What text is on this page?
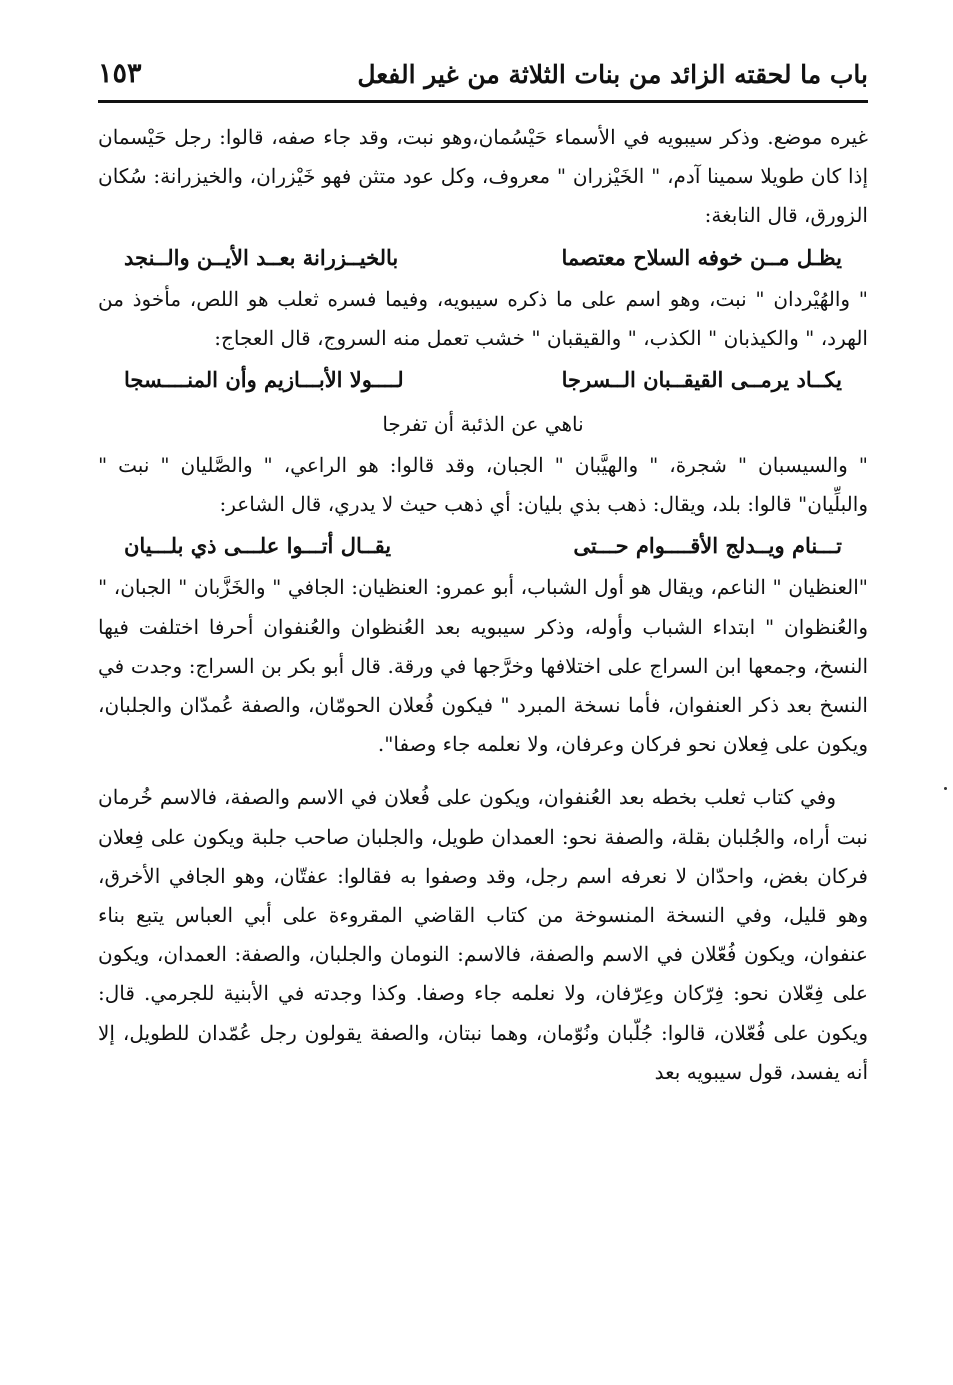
باب ما لحقته الزائد من بنات الثلاثة من غير الفعل
١٥٣

غيره موضع. وذكر سيبويه في الأسماء حَيْسُمان،وهو نبت، وقد جاء صفه، قالوا: رجل حَيْسمان إذا كان طويلا سمينا آدم، " الخَيْزران " معروف، وكل عود متثن فهو خَيْزران، والخيزرانة: سُكان الزورق، قال النابغة:

يظـل مــن خوفه السلاح معتصما
بالخيــزرانة بعــد الأيــن والــنجد

" والهُيْردان " نبت، وهو اسم على ما ذكره سيبويه، وفيما فسره ثعلب هو اللص، مأخوذ من الهرد، " والكيذبان " الكذب، " والقيقبان " خشب تعمل منه السروج، قال العجاج:

يكــاد يرمــى القيقــبان الــسرجا
لــــولا الأبـــازيم وأن المنــــسجا
ناهي عن الذئبة أن تفرجا

" والسيسبان " شجرة، " والهيَّبان " الجبان، وقد قالوا: هو الراعي، " والصَّليان " نبت " والبلِّيان" قالوا: بلد، ويقال: ذهب بذي بليان: أي ذهب حيث لا يدري، قال الشاعر:

تـــنام ويــدلج الأقــــوام حـــتى
يقــال أتـــوا علـــى ذي بلـــيان

"العنظيان " الناعم، ويقال هو أول الشباب، أبو عمرو: العنظيان: الجافي " والخَزَّبان " الجبان، " والعُنظوان " ابتداء الشباب وأوله، وذكر سيبويه بعد العُنظوان والعُنفوان أحرفا اختلفت فيها النسخ، وجمعها ابن السراج على اختلافها وخرَّجها في ورقة. قال أبو بكر بن السراج: وجدت في النسخ بعد ذكر العنفوان، فأما نسخة المبرد " فيكون فُعلان الحومّان، والصفة عُمدّان والجلبان، ويكون على فِعلان نحو فركان وعرفان، ولا نعلمه جاء وصفا".

وفي كتاب ثعلب بخطه بعد العُنفوان، ويكون على فُعلان في الاسم والصفة، فالاسم خُرمان نبت أراه، والجُلبان بقلة، والصفة نحو: العمدان طويل، والجلبان صاحب جلبة ويكون على فِعلان فركان بغض، واحدّان لا نعرفه اسم رجل، وقد وصفوا به فقالوا: عفتّان، وهو الجافي الأخرق، وهو قليل، وفي النسخة المنسوخة من كتاب القاضي المقروءة على أبي العباس يتبع بناء عنفوان، ويكون فُعّلان في الاسم والصفة، فالاسم: النومان والجلبان، والصفة: العمدان، ويكون على فِعّلان نحو: فِرّكان وعِرّفان، ولا نعلمه جاء وصفا. وكذا وجدته في الأبنية للجرمي. قال: ويكون على فُعّلان، قالوا: جُلّبان ونُوّمان، وهما نبتان، والصفة يقولون رجل عُمّدان للطويل، إلا أنه يفسد، قول سيبويه بعد
